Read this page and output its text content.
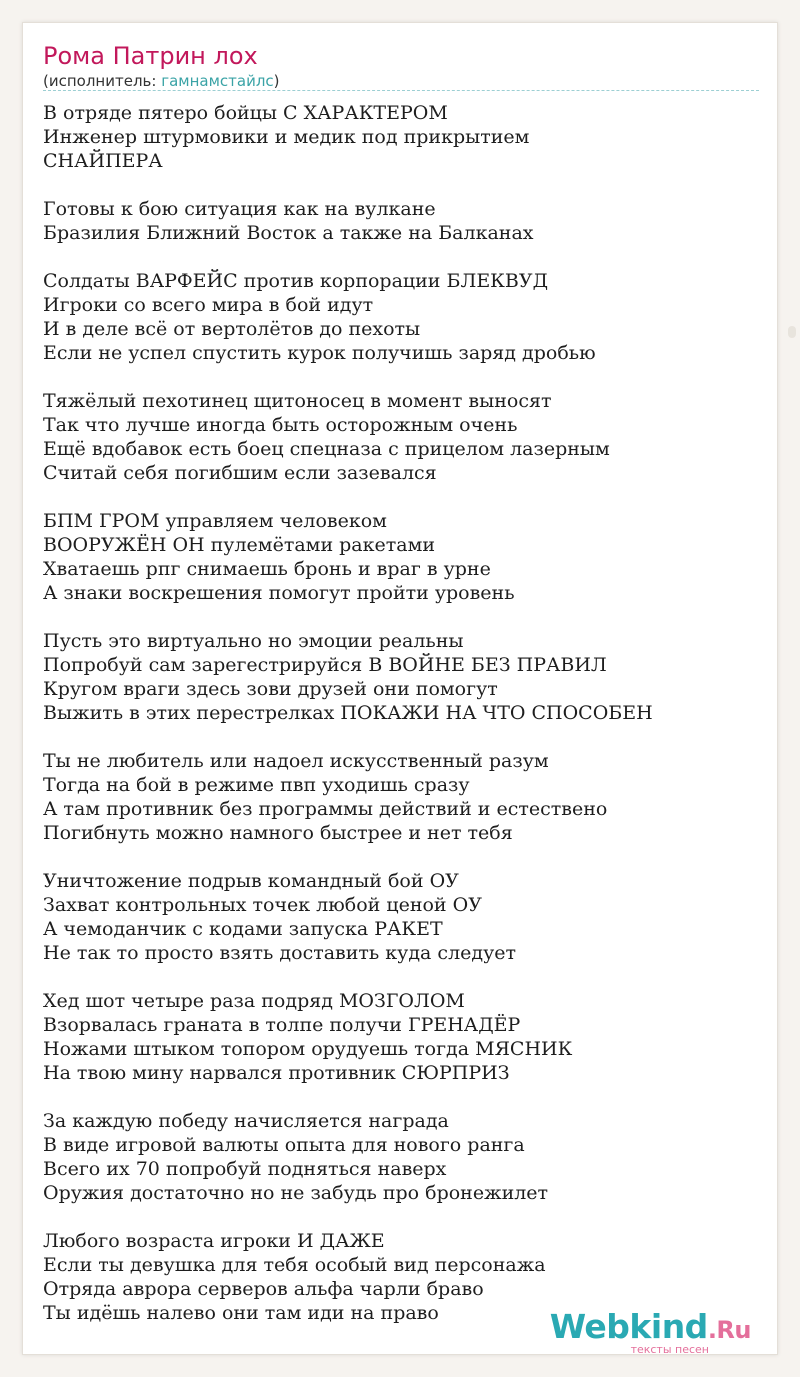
Рома Патрин лох
(исполнитель: гамнамстайлс)
В отряде пятеро бойцы С ХАРАКТЕРОМ
Инженер штурмовики и медик под прикрытием
СНАЙПЕРА
Готовы к бою ситуация как на вулкане
Бразилия Ближний Восток а также на Балканах
Солдаты ВАРФЕЙС против корпорации БЛЕКВУД
Игроки со всего мира в бой идут
И в деле всё от вертолётов до пехоты
Если не успел спустить курок получишь заряд дробью
Тяжёлый пехотинец щитоносец в момент выносят
Так что лучше иногда быть осторожным очень
Ещё вдобавок есть боец спецназа с прицелом лазерным
Считай себя погибшим если зазевался
БПМ ГРОМ управляем человеком
ВООРУЖЁН ОН пулемётами ракетами
Хватаешь рпг снимаешь бронь и враг в урне
А знаки воскрешения помогут пройти уровень
Пусть это виртуально но эмоции реальны
Попробуй сам зарегестрируйся В ВОЙНЕ БЕЗ ПРАВИЛ
Кругом враги здесь зови друзей они помогут
Выжить в этих перестрелках ПОКАЖИ НА ЧТО СПОСОБЕН
Ты не любитель или надоел искусственный разум
Тогда на бой в режиме пвп уходишь сразу
А там противник без программы действий и естественo
Погибнуть можно намного быстрее и нет тебя
Уничтожение подрыв командный бой ОУ
Захват контрольных точек любой ценой ОУ
А чемоданчик с кодами запуска РАКЕТ
Не так то просто взять доставить куда следует
Хед шот четыре раза подряд МОЗГОЛОМ
Взорвалась граната в толпе получи ГРЕНАДЁР
Ножами штыком топором орудуешь тогда МЯСНИК
На твою мину нарвался противник СЮРПРИЗ
За каждую победу начисляется награда
В виде игровой валюты опыта для нового ранга
Всего их 70 попробуй подняться наверх
Оружия достаточно но не забудь про бронежилет
Любого возраста игроки И ДАЖЕ
Если ты девушка для тебя особый вид персонажа
Отряда аврора серверов альфа чарли браво
Ты идёшь налево они там иди на право	Webkind.Ru
тексты песен
